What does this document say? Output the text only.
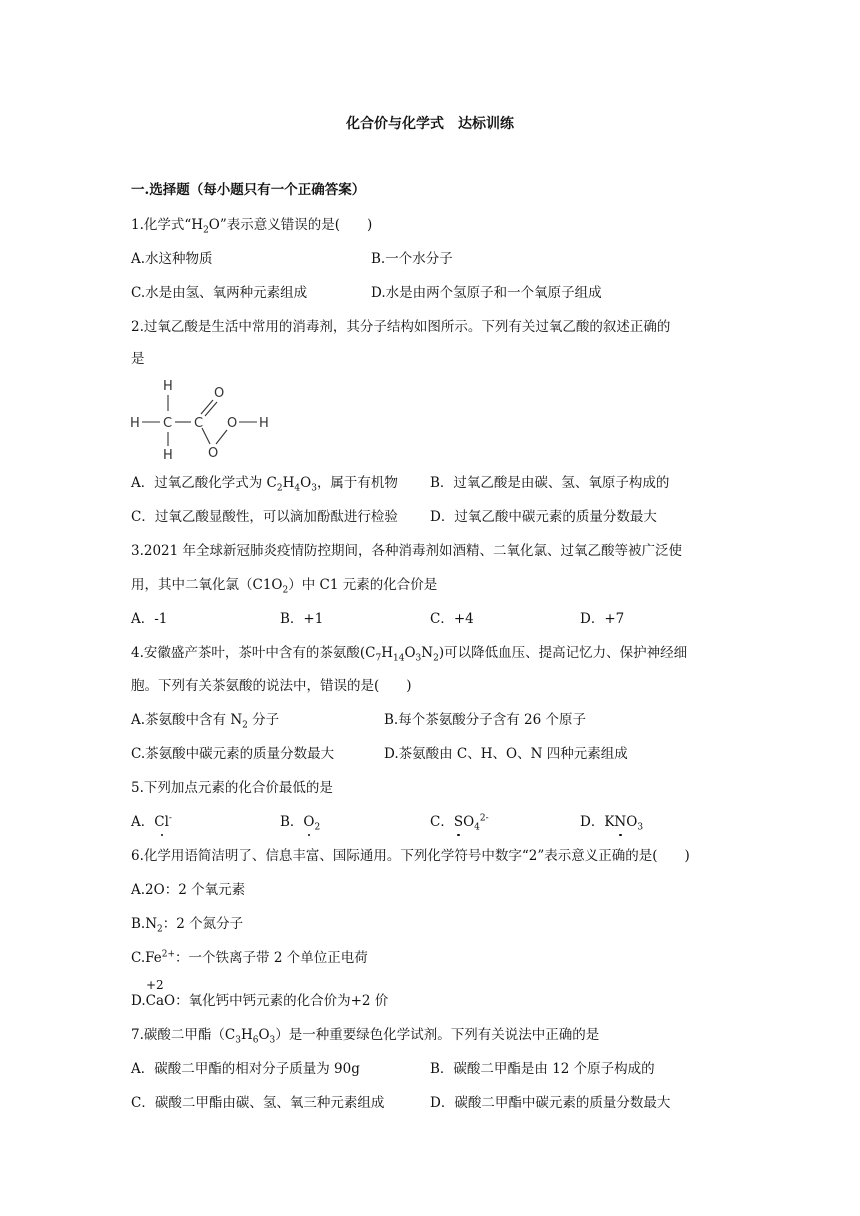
化合价与化学式　达标训练
一.选择题（每小题只有一个正确答案）
1.化学式“$H_2O$”表示意义错误的是(　　)
A.水这种物质	B.一个水分子
C.水是由氢、氧两种元素组成	D.水是由两个氢原子和一个氧原子组成
2.过氧乙酸是生活中常用的消毒剂，其分子结构如图所示。下列有关过氧乙酸的叙述正确的
是
H	O
H C C O H
H	O
A．过氧乙酸化学式为 $C_2H_4O_3$，属于有机物 B．过氧乙酸是由碳、氢、氧原子构成的
C．过氧乙酸显酸性，可以滴加酚酞进行检验 D．过氧乙酸中碳元素的质量分数最大
3.2021 年全球新冠肺炎疫情防控期间，各种消毒剂如酒精、二氧化氯、过氧乙酸等被广泛使
用，其中二氧化氯$(C1O_2)$中 C1 元素的化合价是
A．-1	B．+1	C．+4	D．+7
4.安徽盛产茶叶，茶叶中含有的茶氨酸$(C_7H_{14}O_3N_2)$可以降低血压、提高记忆力、保护神经细
胞。下列有关茶氨酸的说法中，错误的是(　　)
A.茶氨酸中含有 $N_2$ 分子	B.每个茶氨酸分子含有 26 个原子
C.茶氨酸中碳元素的质量分数最大	D.茶氨酸由 C、H、O、N 四种元素组成
5.下列加点元素的化合价最低的是
A．Cl-	B．$O_2$	C．$SO_4^{2-}$	D．$KNO_3$
6.化学用语简洁明了、信息丰富、国际通用。下列化学符号中数字“2”表示意义正确的是(　　)
A.2O：2 个氧元素
$B.N_2$：2 个氮分子
$C.Fe^{2+}$：一个铁离子带 2 个单位正电荷
+2
D.CaO：氧化钙中钙元素的化合价为+2 价
7.碳酸二甲酯$(C_3H_6O_3)$是一种重要绿色化学试剂。下列有关说法中正确的是
A．碳酸二甲酯的相对分子质量为 90g	B．碳酸二甲酯是由 12 个原子构成的
C．碳酸二甲酯由碳、氢、氧三种元素组成	D．碳酸二甲酯中碳元素的质量分数最大
